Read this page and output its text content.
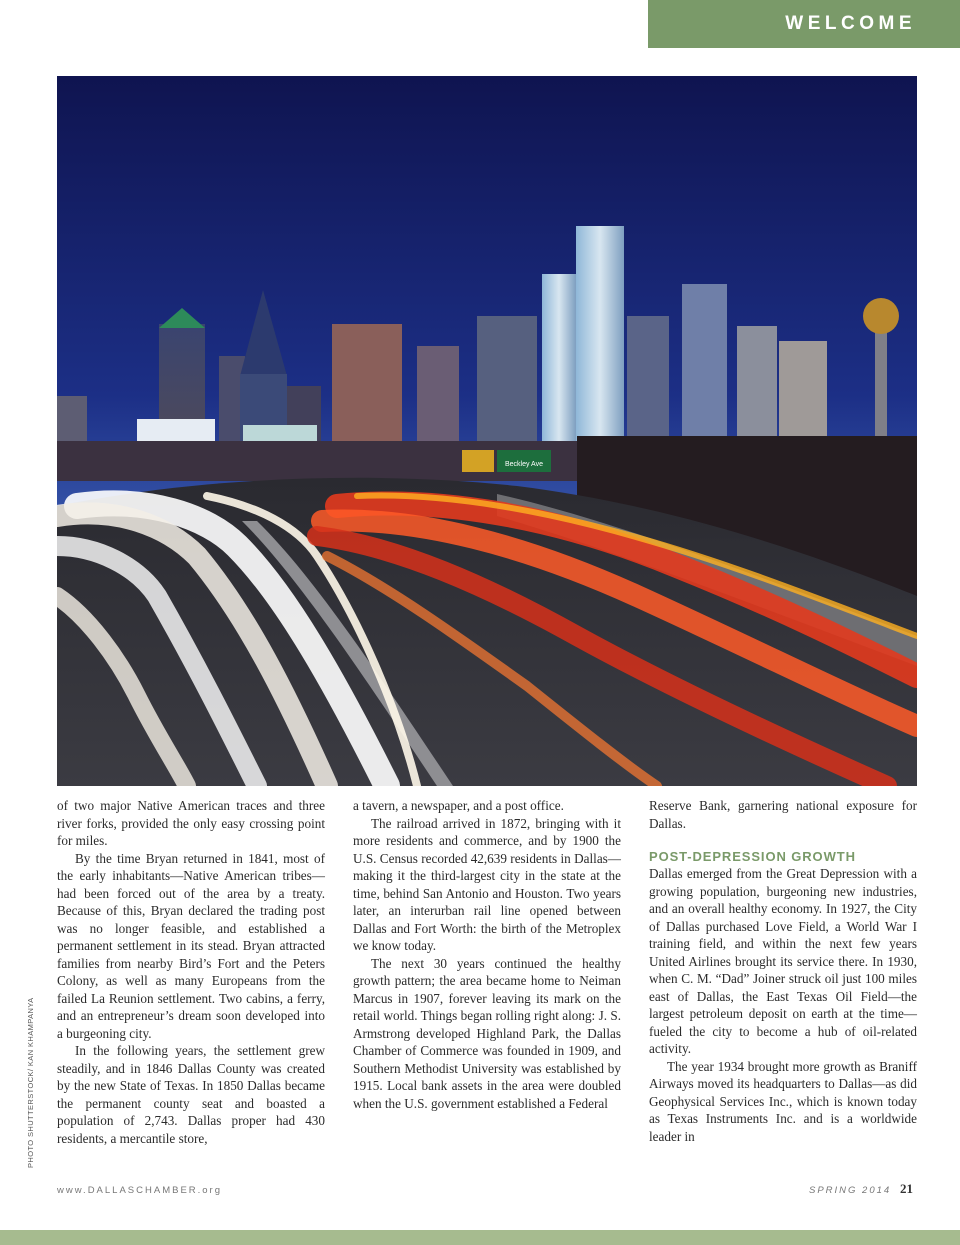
WELCOME
Beckley Ave
PHOTO SHUTTERSTOCK/ KAN KHAMPANYA

of two major Native American traces and three river forks, provided the only easy crossing point for miles.

By the time Bryan returned in 1841, most of the early inhabitants—Native American tribes—had been forced out of the area by a treaty. Because of this, Bryan declared the trading post was no longer feasible, and established a permanent settlement in its stead. Bryan attracted families from nearby Bird’s Fort and the Peters Colony, as well as many Europeans from the failed La Reunion settlement. Two cabins, a ferry, and an entrepreneur’s dream soon developed into a burgeoning city.

In the following years, the settlement grew steadily, and in 1846 Dallas County was created by the new State of Texas. In 1850 Dallas became the permanent county seat and boasted a population of 2,743. Dallas proper had 430 residents, a mercantile store,

a tavern, a newspaper, and a post office.

The railroad arrived in 1872, bringing with it more residents and commerce, and by 1900 the U.S. Census recorded 42,639 residents in Dallas—making it the third-largest city in the state at the time, behind San Antonio and Houston. Two years later, an interurban rail line opened between Dallas and Fort Worth: the birth of the Metroplex we know today.

The next 30 years continued the healthy growth pattern; the area became home to Neiman Marcus in 1907, forever leaving its mark on the retail world. Things began rolling right along: J. S. Armstrong developed Highland Park, the Dallas Chamber of Commerce was founded in 1909, and Southern Methodist University was established by 1915. Local bank assets in the area were doubled when the U.S. government established a Federal

Reserve Bank, garnering national exposure for Dallas.

POST-DEPRESSION GROWTH

Dallas emerged from the Great Depression with a growing population, burgeoning new industries, and an overall healthy economy. In 1927, the City of Dallas purchased Love Field, a World War I training field, and within the next few years United Airlines brought its service there. In 1930, when C. M. “Dad” Joiner struck oil just 100 miles east of Dallas, the East Texas Oil Field—the largest petroleum deposit on earth at the time—fueled the city to become a hub of oil-related activity.

The year 1934 brought more growth as Braniff Airways moved its headquarters to Dallas—as did Geophysical Services Inc., which is known today as Texas Instruments Inc. and is a worldwide leader in

www.DALLASCHAMBER.org	SPRING 2014 21
